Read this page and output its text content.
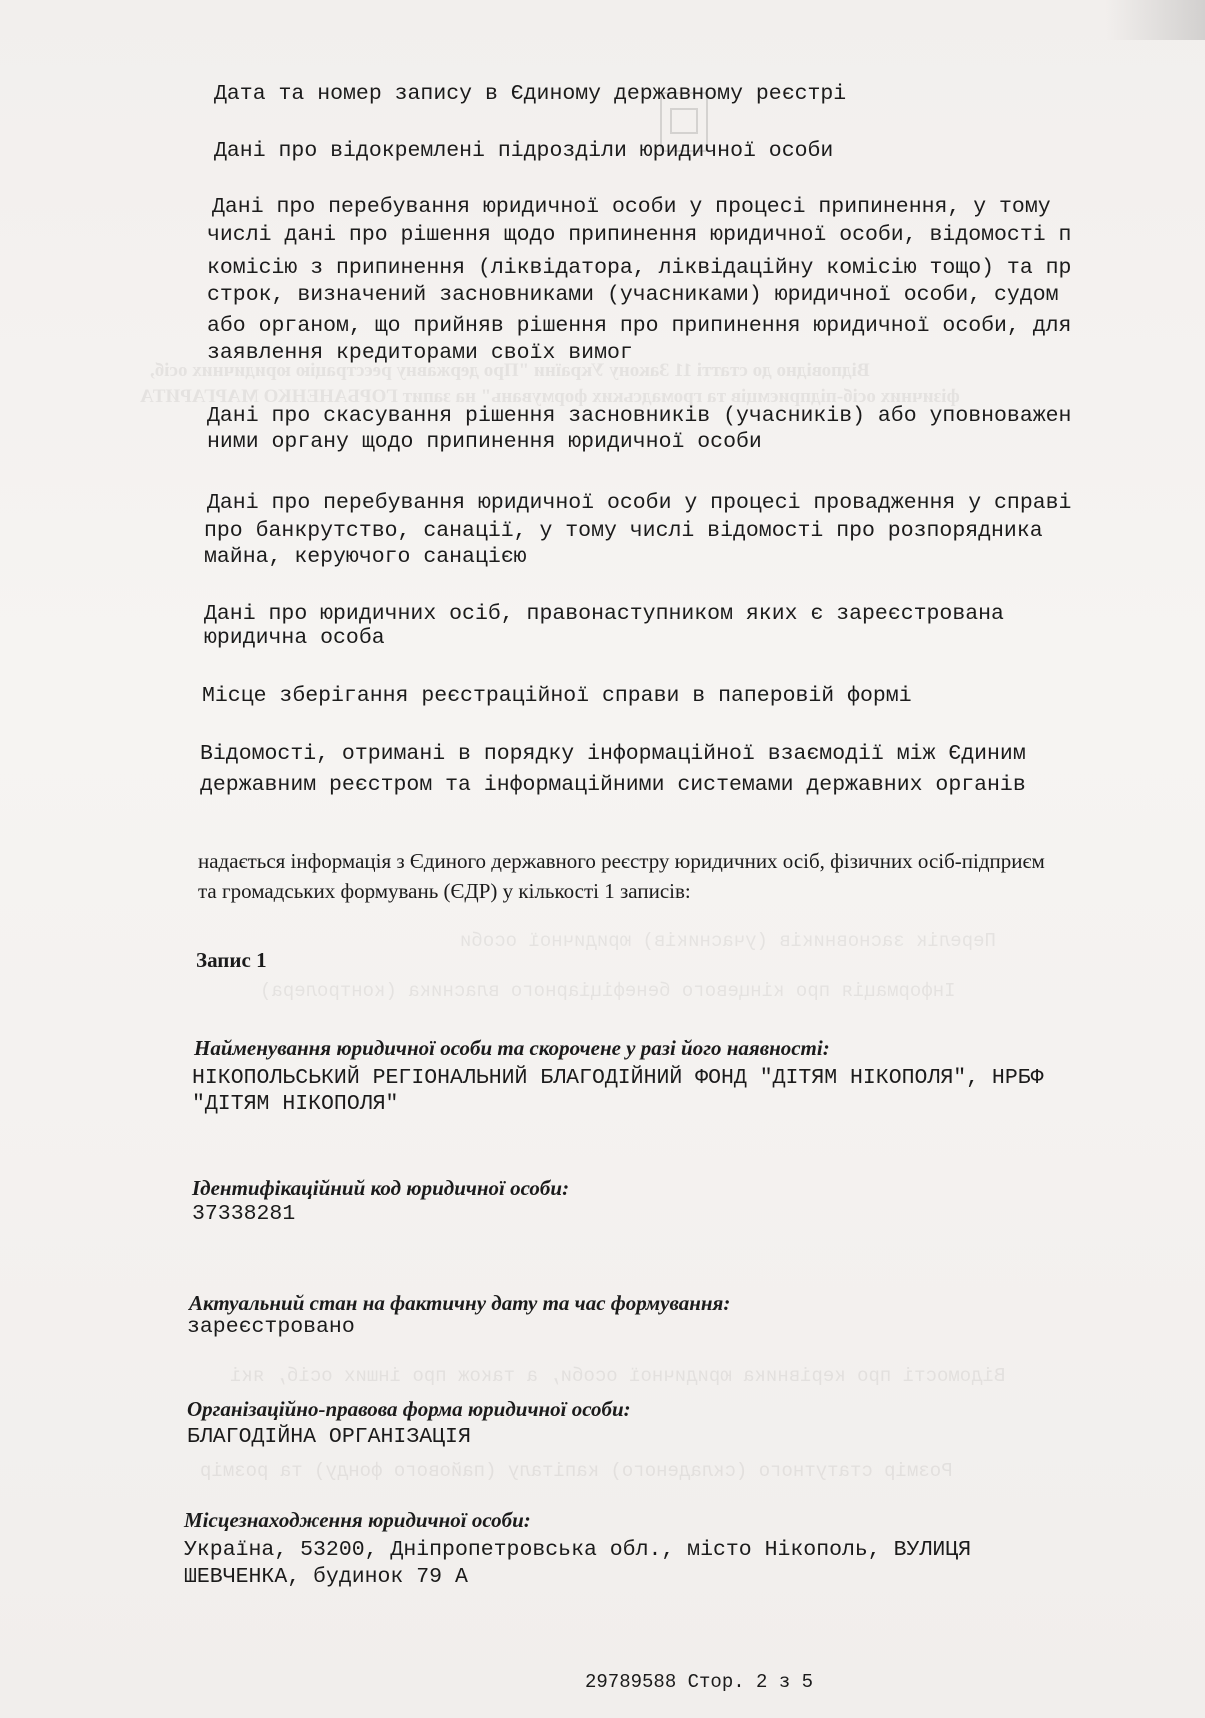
Відповідно до статті 11 Закону України "Про державну реєстрацію юридичних осіб,
фізичних осіб-підприємців та громадських формувань" на запит ГОРБАНЕНКО МАРГАРИТА
Перелік засновників (учасників) юридичної особи
Інформація про кінцевого бенефіціарного власника (контролера)
Відомості про керівника юридичної особи, а також про інших осіб, які
Розмір статутного (складеного) капіталу (пайового фонду) та розмір
Дата та номер запису в Єдиному державному реєстрі
Дані про відокремлені підрозділи юридичної особи
Дані про перебування юридичної особи у процесі припинення, у тому
числі дані про рішення щодо припинення юридичної особи, відомості п
комісію з припинення (ліквідатора, ліквідаційну комісію тощо) та пр
строк, визначений засновниками (учасниками) юридичної особи, судом
або органом, що прийняв рішення про припинення юридичної особи, для
заявлення кредиторами своїх вимог
Дані про скасування рішення засновників (учасників) або уповноважен
ними органу щодо припинення юридичної особи
Дані про перебування юридичної особи у процесі провадження у справі
про банкрутство, санації, у тому числі відомості про розпорядника
майна, керуючого санацією
Дані про юридичних осіб, правонаступником яких є зареєстрована
юридична особа
Місце зберігання реєстраційної справи в паперовій формі
Відомості, отримані в порядку інформаційної взаємодії між Єдиним
державним реєстром та інформаційними системами державних органів
надається інформація з Єдиного державного реєстру юридичних осіб, фізичних осіб-підприєм
та громадських формувань (ЄДР) у кількості 1 записів:
Запис 1
Найменування юридичної особи та скорочене у разі його наявності:
НІКОПОЛЬСЬКИЙ РЕГІОНАЛЬНИЙ БЛАГОДІЙНИЙ ФОНД "ДІТЯМ НІКОПОЛЯ", НРБФ
"ДІТЯМ НІКОПОЛЯ"
Ідентифікаційний код юридичної особи:
37338281
Актуальний стан на фактичну дату та час формування:
зареєстровано
Організаційно-правова форма юридичної особи:
БЛАГОДІЙНА ОРГАНІЗАЦІЯ
Місцезнаходження юридичної особи:
Україна, 53200, Дніпропетровська обл., місто Нікополь, ВУЛИЦЯ
ШЕВЧЕНКА, будинок 79 А
29789588 Стор. 2 з 5
